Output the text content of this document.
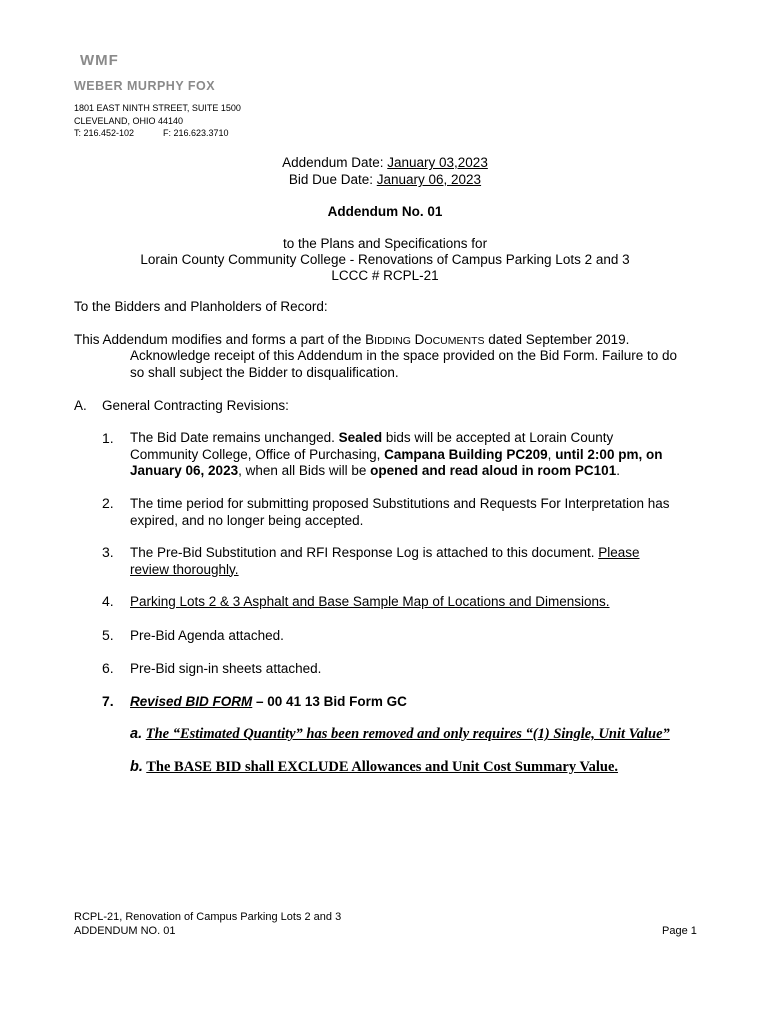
WMF
WEBER MURPHY FOX
1801 EAST NINTH STREET, SUITE 1500
CLEVELAND, OHIO 44140
T: 216.452-102	F: 216.623.3710
Addendum Date: January 03,2023
Bid Due Date: January 06, 2023
Addendum No. 01
to the Plans and Specifications for
Lorain County Community College - Renovations of Campus Parking Lots 2 and 3
LCCC # RCPL-21
To the Bidders and Planholders of Record:
This Addendum modifies and forms a part of the BIDDING DOCUMENTS dated September 2019.
Acknowledge receipt of this Addendum in the space provided on the Bid Form. Failure to do
so shall subject the Bidder to disqualification.
A. General Contracting Revisions:
1. The Bid Date remains unchanged. Sealed bids will be accepted at Lorain County
Community College, Office of Purchasing, Campana Building PC209, until 2:00 pm, on
January 06, 2023, when all Bids will be opened and read aloud in room PC101.
2. The time period for submitting proposed Substitutions and Requests For Interpretation has
expired, and no longer being accepted.
3. The Pre-Bid Substitution and RFI Response Log is attached to this document. Please
review thoroughly.
4. Parking Lots 2 & 3 Asphalt and Base Sample Map of Locations and Dimensions.
5. Pre-Bid Agenda attached.
6. Pre-Bid sign-in sheets attached.
7. Revised BID FORM – 00 41 13 Bid Form GC
a. The “Estimated Quantity” has been removed and only requires “(1) Single, Unit Value”
b. The BASE BID shall EXCLUDE Allowances and Unit Cost Summary Value.
RCPL-21, Renovation of Campus Parking Lots 2 and 3
ADDENDUM NO. 01	Page 1
